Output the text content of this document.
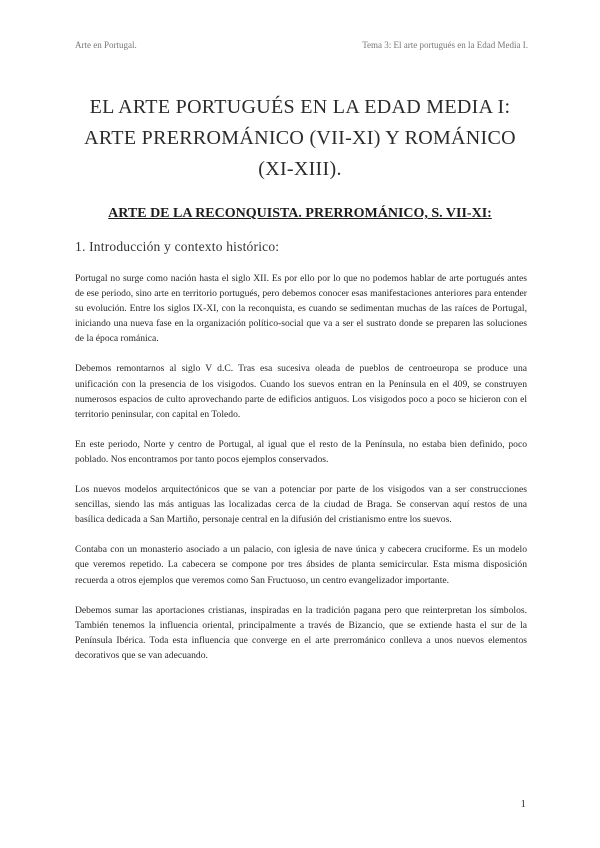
Arte en Portugal.	Tema 3: El arte portugués en la Edad Media I.
EL ARTE PORTUGUÉS EN LA EDAD MEDIA I: ARTE PRERROMÁNICO (VII-XI) Y ROMÁNICO (XI-XIII).
ARTE DE LA RECONQUISTA. PRERROMÁNICO, S. VII-XI:
1. Introducción y contexto histórico:

Portugal no surge como nación hasta el siglo XII. Es por ello por lo que no podemos hablar de arte portugués antes de ese periodo, sino arte en territorio portugués, pero debemos conocer esas manifestaciones anteriores para entender su evolución. Entre los siglos IX-XI, con la reconquista, es cuando se sedimentan muchas de las raíces de Portugal, iniciando una nueva fase en la organización político-social que va a ser el sustrato donde se preparen las soluciones de la época románica.

Debemos remontarnos al siglo V d.C. Tras esa sucesiva oleada de pueblos de centroeuropa se produce una unificación con la presencia de los visigodos. Cuando los suevos entran en la Península en el 409, se construyen numerosos espacios de culto aprovechando parte de edificios antiguos. Los visigodos poco a poco se hicieron con el territorio peninsular, con capital en Toledo.

En este periodo, Norte y centro de Portugal, al igual que el resto de la Península, no estaba bien definido, poco poblado. Nos encontramos por tanto pocos ejemplos conservados.

Los nuevos modelos arquitectónicos que se van a potenciar por parte de los visigodos van a ser construcciones sencillas, siendo las más antiguas las localizadas cerca de la ciudad de Braga. Se conservan aquí restos de una basílica dedicada a San Martiño, personaje central en la difusión del cristianismo entre los suevos.

Contaba con un monasterio asociado a un palacio, con iglesia de nave única y cabecera cruciforme. Es un modelo que veremos repetido. La cabecera se compone por tres ábsides de planta semicircular. Esta misma disposición recuerda a otros ejemplos que veremos como San Fructuoso, un centro evangelizador importante.

Debemos sumar las aportaciones cristianas, inspiradas en la tradición pagana pero que reinterpretan los símbolos. También tenemos la influencia oriental, principalmente a través de Bizancio, que se extiende hasta el sur de la Península Ibérica. Toda esta influencia que converge en el arte prerrománico conlleva a unos nuevos elementos decorativos que se van adecuando.

1
